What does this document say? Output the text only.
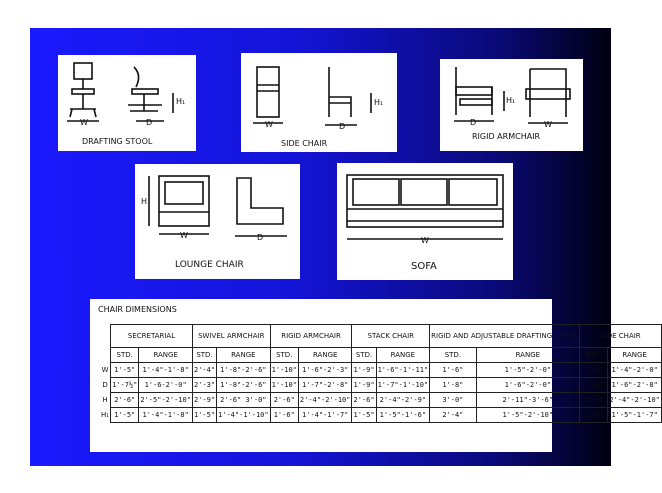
W	D
H₁
DRAFTING STOOL
W	D
H₁
SIDE CHAIR
D	W
H₁
RIGID ARMCHAIR
H
W	D
LOUNGE CHAIR
W
SOFA
CHAIR DIMENSIONS
	SECRETARIAL		SWIVEL ARMCHAIR		RIGID ARMCHAIR		STACK CHAIR		RIGID AND ADJUSTABLE DRAFTING STOOL		SIDE CHAIR	
	STD.	RANGE	STD.	RANGE	STD.	RANGE	STD.	RANGE	STD.	RANGE	STD.	RANGE
W	1'-5"	1'-4"-1'-8"	2'-4"	1'-8"-2'-6"	1'-10"	1'-6"-2'-3"	1'-9"	1'-6"-1'-11"	1'-6"	1'-5"-2'-0"	1'-8"	1'-4"-2'-0"
D	1'-7½"	1'-6-2'-0"	2'-3"	1'-8"-2'-6"	1'-10"	1'-7"-2'-8"	1'-9"	1'-7"-1'-10"	1'-8"	1'-6"-2'-0"	1'-10"	1'-6"-2'-8"
H	2'-6"	2'-5"-2'-10"	2'-9"	2'-6" 3'-0"	2'-6"	2'-4"-2'-10"	2'-6"	2'-4"-2'-9"	3'-0"	2'-11"-3'-6"	2'-6"	2'-4"-2'-10"
H₁	1'-5"	1'-4"-1'-8"	1'-5"	1'-4"-1'-10"	1'-6"	1'-4"-1'-7"	1'-5"	1'-5"-1'-6"	2'-4"	1'-5"-2'-10"	1'-6"	1'-5"-1'-7"
